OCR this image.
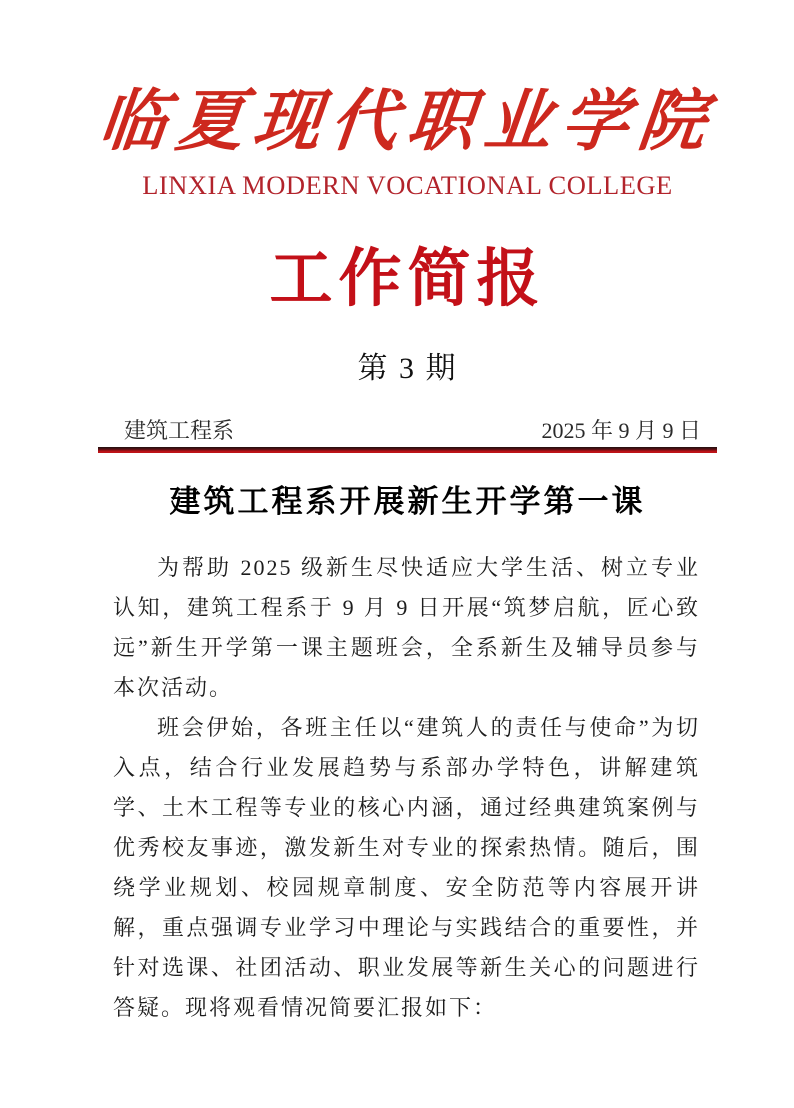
临夏现代职业学院
LINXIA MODERN VOCATIONAL COLLEGE
工作简报
第 3 期
建筑工程系	2025 年 9 月 9 日
建筑工程系开展新生开学第一课

为帮助 2025 级新生尽快适应大学生活、树立专业认知，建筑工程系于 9 月 9 日开展“筑梦启航，匠心致远”新生开学第一课主题班会，全系新生及辅导员参与本次活动。

班会伊始，各班主任以“建筑人的责任与使命”为切入点，结合行业发展趋势与系部办学特色，讲解建筑学、土木工程等专业的核心内涵，通过经典建筑案例与优秀校友事迹，激发新生对专业的探索热情。随后，围绕学业规划、校园规章制度、安全防范等内容展开讲解，重点强调专业学习中理论与实践结合的重要性，并针对选课、社团活动、职业发展等新生关心的问题进行答疑。现将观看情况简要汇报如下：
